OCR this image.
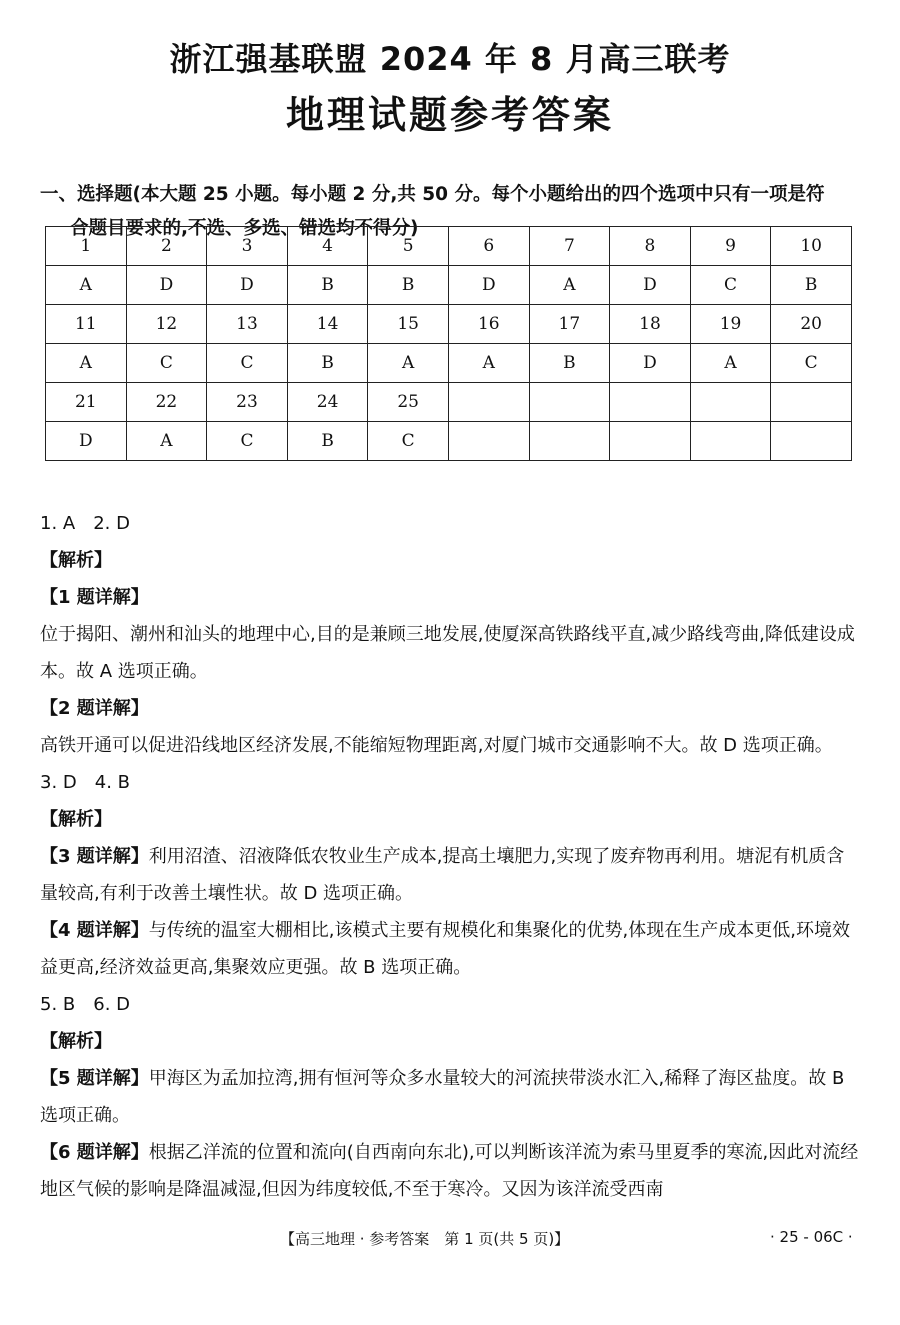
浙江强基联盟 2024 年 8 月高三联考
地理试题参考答案
一、选择题(本大题 25 小题。每小题 2 分,共 50 分。每个小题给出的四个选项中只有一项是符
合题目要求的,不选、多选、错选均不得分)
1	2	3	4	5	6	7	8	9	10
A	D	D	B	B	D	A	D	C	B
11	12	13	14	15	16	17	18	19	20
A	C	C	B	A	A	B	D	A	C
21	22	23	24	25					
D	A	C	B	C					

1. A　2. D

【解析】

【1 题详解】

位于揭阳、潮州和汕头的地理中心,目的是兼顾三地发展,使厦深高铁路线平直,减少路线弯曲,降低建设成本。故 A 选项正确。

【2 题详解】

高铁开通可以促进沿线地区经济发展,不能缩短物理距离,对厦门城市交通影响不大。故 D 选项正确。

3. D　4. B

【解析】

【3 题详解】利用沼渣、沼液降低农牧业生产成本,提高土壤肥力,实现了废弃物再利用。塘泥有机质含量较高,有利于改善土壤性状。故 D 选项正确。

【4 题详解】与传统的温室大棚相比,该模式主要有规模化和集聚化的优势,体现在生产成本更低,环境效益更高,经济效益更高,集聚效应更强。故 B 选项正确。

5. B　6. D

【解析】

【5 题详解】甲海区为孟加拉湾,拥有恒河等众多水量较大的河流挟带淡水汇入,稀释了海区盐度。故 B 选项正确。

【6 题详解】根据乙洋流的位置和流向(自西南向东北),可以判断该洋流为索马里夏季的寒流,因此对流经地区气候的影响是降温减湿,但因为纬度较低,不至于寒冷。又因为该洋流受西南

【高三地理 · 参考答案　第 1 页(共 5 页)】	· 25 - 06C ·
